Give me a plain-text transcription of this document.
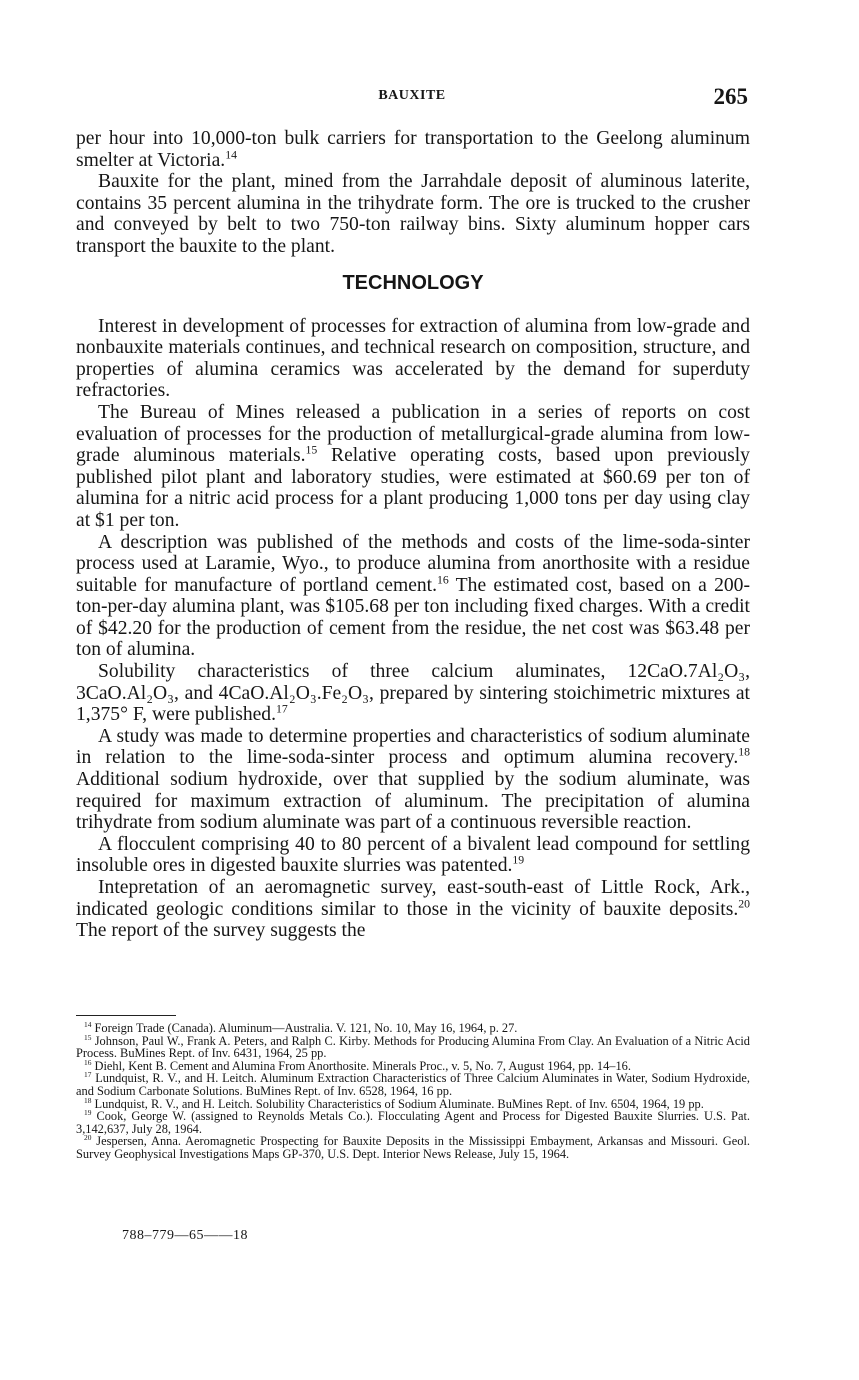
BAUXITE	265

per hour into 10,000-ton bulk carriers for transportation to the Geelong aluminum smelter at Victoria.$^{14}$

Bauxite for the plant, mined from the Jarrahdale deposit of aluminous laterite, contains 35 percent alumina in the trihydrate form. The ore is trucked to the crusher and conveyed by belt to two 750-ton railway bins. Sixty aluminum hopper cars transport the bauxite to the plant.

TECHNOLOGY

Interest in development of processes for extraction of alumina from low-grade and nonbauxite materials continues, and technical research on composition, structure, and properties of alumina ceramics was accelerated by the demand for superduty refractories.

The Bureau of Mines released a publication in a series of reports on cost evaluation of processes for the production of metallurgical-grade alumina from low-grade aluminous materials.$^{15}$ Relative operating costs, based upon previously published pilot plant and laboratory studies, were estimated at $60.69 per ton of alumina for a nitric acid process for a plant producing 1,000 tons per day using clay at $1 per ton.

A description was published of the methods and costs of the lime-soda-sinter process used at Laramie, Wyo., to produce alumina from anorthosite with a residue suitable for manufacture of portland cement.$^{16}$ The estimated cost, based on a 200-ton-per-day alumina plant, was $105.68 per ton including fixed charges. With a credit of $42.20 for the production of cement from the residue, the net cost was $63.48 per ton of alumina.

Solubility characteristics of three calcium aluminates, 12CaO.7Al₂O₃, 3CaO.Al₂O₃, and 4CaO.Al₂O₃.Fe₂O₃, prepared by sintering stoichimetric mixtures at 1,375° F, were published.$^{17}$

A study was made to determine properties and characteristics of sodium aluminate in relation to the lime-soda-sinter process and optimum alumina recovery.$^{18}$ Additional sodium hydroxide, over that supplied by the sodium aluminate, was required for maximum extraction of aluminum. The precipitation of alumina trihydrate from sodium aluminate was part of a continuous reversible reaction.

A flocculent comprising 40 to 80 percent of a bivalent lead compound for settling insoluble ores in digested bauxite slurries was patented.$^{19}$

Intepretation of an aeromagnetic survey, east-south-east of Little Rock, Ark., indicated geologic conditions similar to those in the vicinity of bauxite deposits.$^{20}$ The report of the survey suggests the

$^{14}$ Foreign Trade (Canada). Aluminum—Australia. V. 121, No. 10, May 16, 1964, p. 27.

$^{15}$ Johnson, Paul W., Frank A. Peters, and Ralph C. Kirby. Methods for Producing Alumina From Clay. An Evaluation of a Nitric Acid Process. BuMines Rept. of Inv. 6431, 1964, 25 pp.

$^{16}$ Diehl, Kent B. Cement and Alumina From Anorthosite. Minerals Proc., v. 5, No. 7, August 1964, pp. 14–16.

$^{17}$ Lundquist, R. V., and H. Leitch. Aluminum Extraction Characteristics of Three Calcium Aluminates in Water, Sodium Hydroxide, and Sodium Carbonate Solutions. BuMines Rept. of Inv. 6528, 1964, 16 pp.

$^{18}$ Lundquist, R. V., and H. Leitch. Solubility Characteristics of Sodium Aluminate. BuMines Rept. of Inv. 6504, 1964, 19 pp.

$^{19}$ Cook, George W. (assigned to Reynolds Metals Co.). Flocculating Agent and Process for Digested Bauxite Slurries. U.S. Pat. 3,142,637, July 28, 1964.

$^{20}$ Jespersen, Anna. Aeromagnetic Prospecting for Bauxite Deposits in the Mississippi Embayment, Arkansas and Missouri. Geol. Survey Geophysical Investigations Maps GP-370, U.S. Dept. Interior News Release, July 15, 1964.

788–779—65——18
